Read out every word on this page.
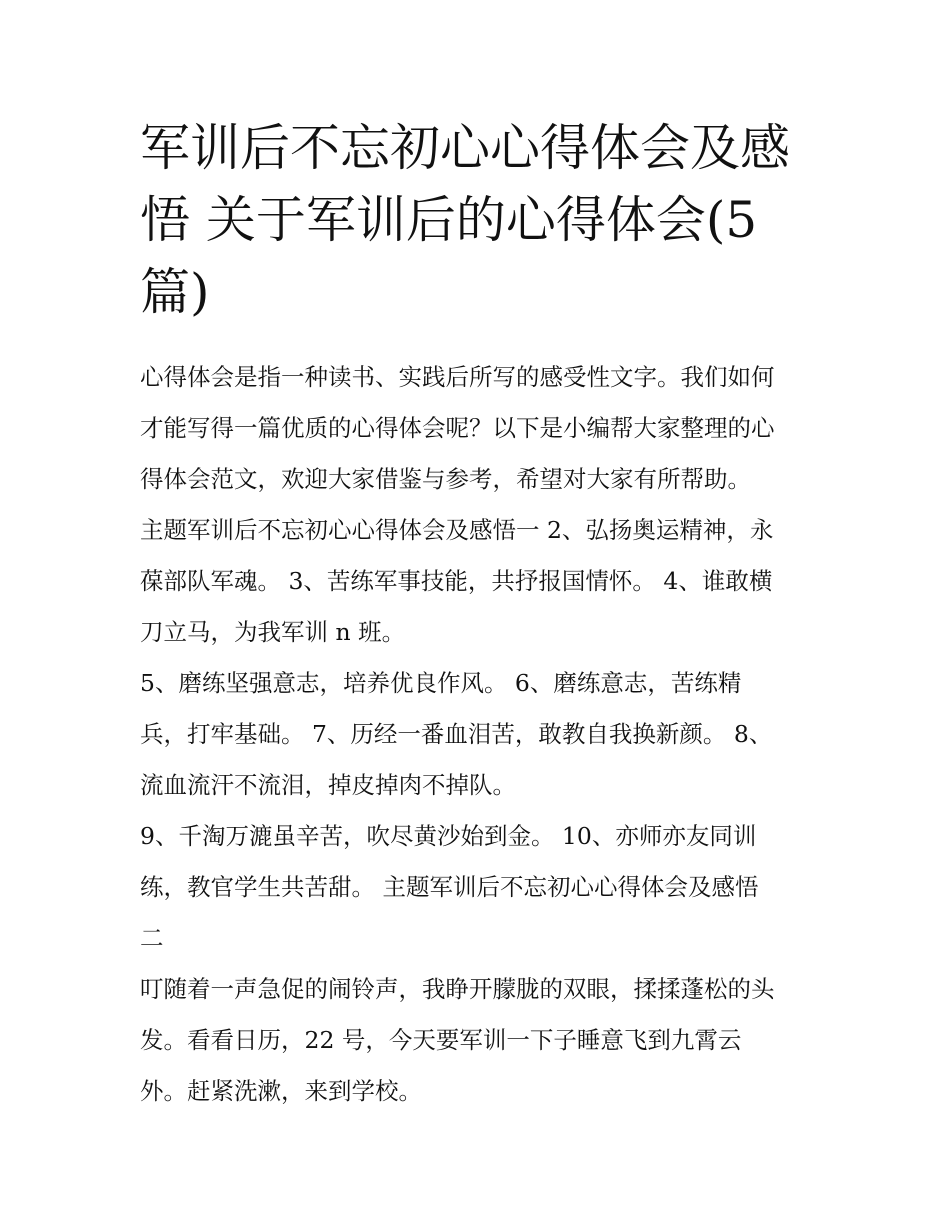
军训后不忘初心心得体会及感
悟 关于军训后的心得体会(5
篇)
心得体会是指一种读书、实践后所写的感受性文字。我们如何
才能写得一篇优质的心得体会呢？以下是小编帮大家整理的心
得体会范文，欢迎大家借鉴与参考，希望对大家有所帮助。
主题军训后不忘初心心得体会及感悟一 2、弘扬奥运精神，永
葆部队军魂。 3、苦练军事技能，共抒报国情怀。 4、谁敢横
刀立马，为我军训 n 班。
5、磨练坚强意志，培养优良作风。 6、磨练意志，苦练精
兵，打牢基础。 7、历经一番血泪苦，敢教自我换新颜。 8、
流血流汗不流泪，掉皮掉肉不掉队。
9、千淘万漉虽辛苦，吹尽黄沙始到金。 10、亦师亦友同训
练，教官学生共苦甜。 主题军训后不忘初心心得体会及感悟
二
叮随着一声急促的闹铃声，我睁开朦胧的双眼，揉揉蓬松的头
发。看看日历，22 号，今天要军训一下子睡意飞到九霄云
外。赶紧洗漱，来到学校。
